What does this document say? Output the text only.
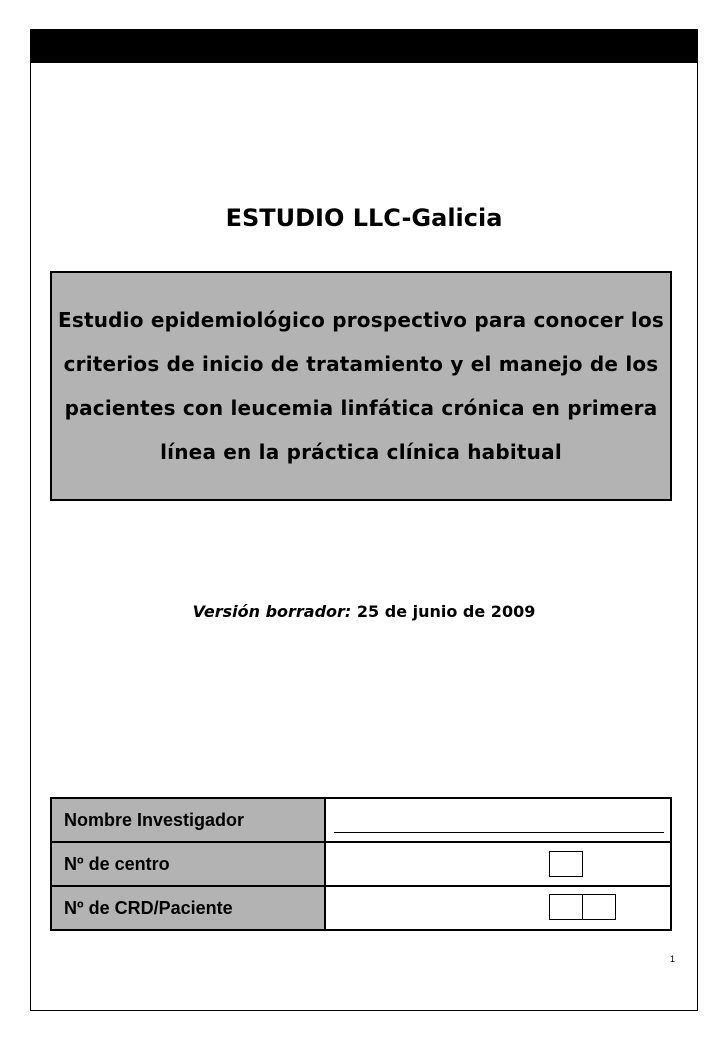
ESTUDIO LLC-Galicia
Estudio epidemiológico prospectivo para conocer los criterios de inicio de tratamiento y el manejo de los pacientes con leucemia linfática crónica en primera línea en la práctica clínica habitual
Versión borrador: 25 de junio de 2009
Nombre Investigador
Nº de centro
Nº de CRD/Paciente
1
